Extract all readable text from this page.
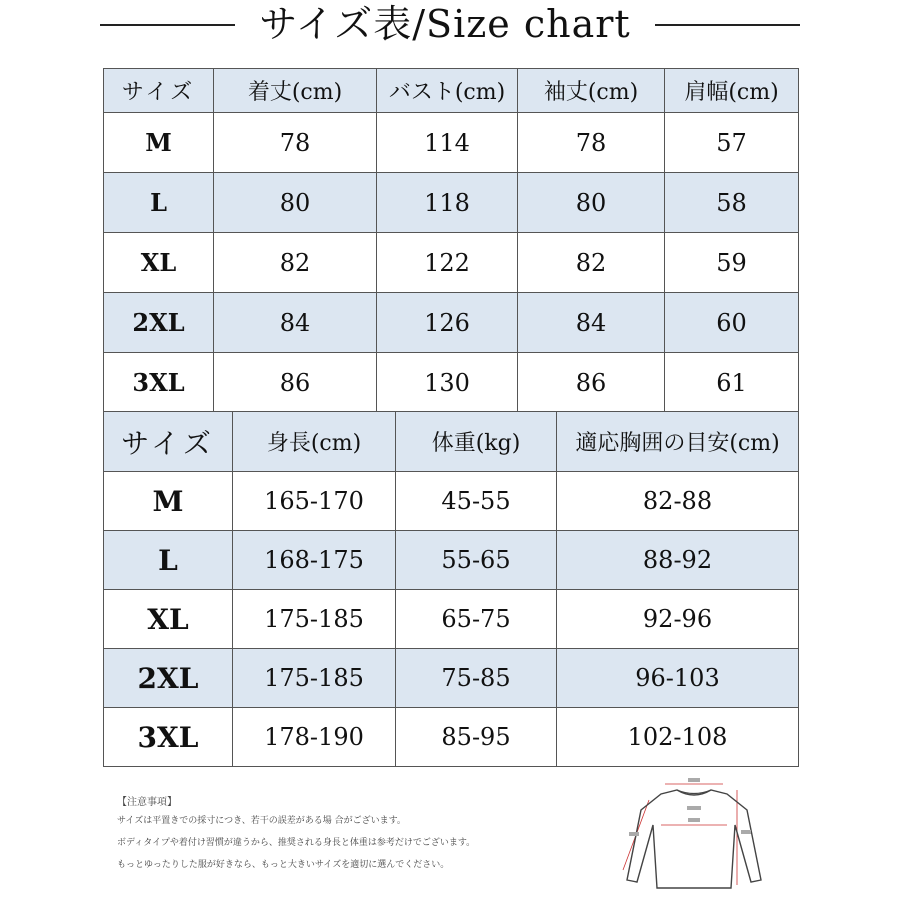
サイズ表/Size chart
サイズ	着丈(cm)	バスト(cm)	袖丈(cm)	肩幅(cm)
M	78	114	78	57
L	80	118	80	58
XL	82	122	82	59
2XL	84	126	84	60
3XL	86	130	86	61
サイズ	身長(cm)	体重(kg)	適応胸囲の目安(cm)
M	165-170	45-55	82-88
L	168-175	55-65	88-92
XL	175-185	65-75	92-96
2XL	175-185	75-85	96-103
3XL	178-190	85-95	102-108
【注意事項】
サイズは平置きでの採寸につき、若干の誤差がある場 合がございます。
ボディタイプや着付け習慣が違うから、推奨される身長と体重は参考だけでございます。
もっとゆったりした服が好きなら、もっと大きいサイズを適切に選んでください。
